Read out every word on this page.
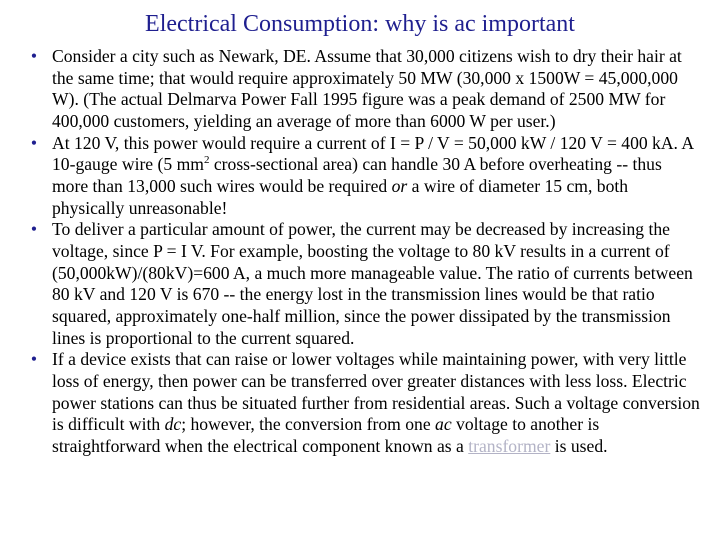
Electrical Consumption: why is ac important
• Consider a city such as Newark, DE. Assume that 30,000 citizens wish to dry their hair at the same time; that would require approximately 50 MW (30,000 x 1500W = 45,000,000 W). (The actual Delmarva Power Fall 1995 figure was a peak demand of 2500 MW for 400,000 customers, yielding an average of more than 6000 W per user.)
• At 120 V, this power would require a current of I = P / V = 50,000 kW / 120 V = 400 kA. A 10-gauge wire (5 $mm^2$ cross-sectional area) can handle 30 A before overheating -- thus more than 13,000 such wires would be required or a wire of diameter 15 cm, both physically unreasonable!
• To deliver a particular amount of power, the current may be decreased by increasing the voltage, since P = I V. For example, boosting the voltage to 80 kV results in a current of (50,000kW)/(80kV)=600 A, a much more manageable value. The ratio of currents between 80 kV and 120 V is 670 -- the energy lost in the transmission lines would be that ratio squared, approximately one-half million, since the power dissipated by the transmission lines is proportional to the current squared.
• If a device exists that can raise or lower voltages while maintaining power, with very little loss of energy, then power can be transferred over greater distances with less loss. Electric power stations can thus be situated further from residential areas. Such a voltage conversion is difficult with dc; however, the conversion from one ac voltage to another is straightforward when the electrical component known as a transformer is used.
